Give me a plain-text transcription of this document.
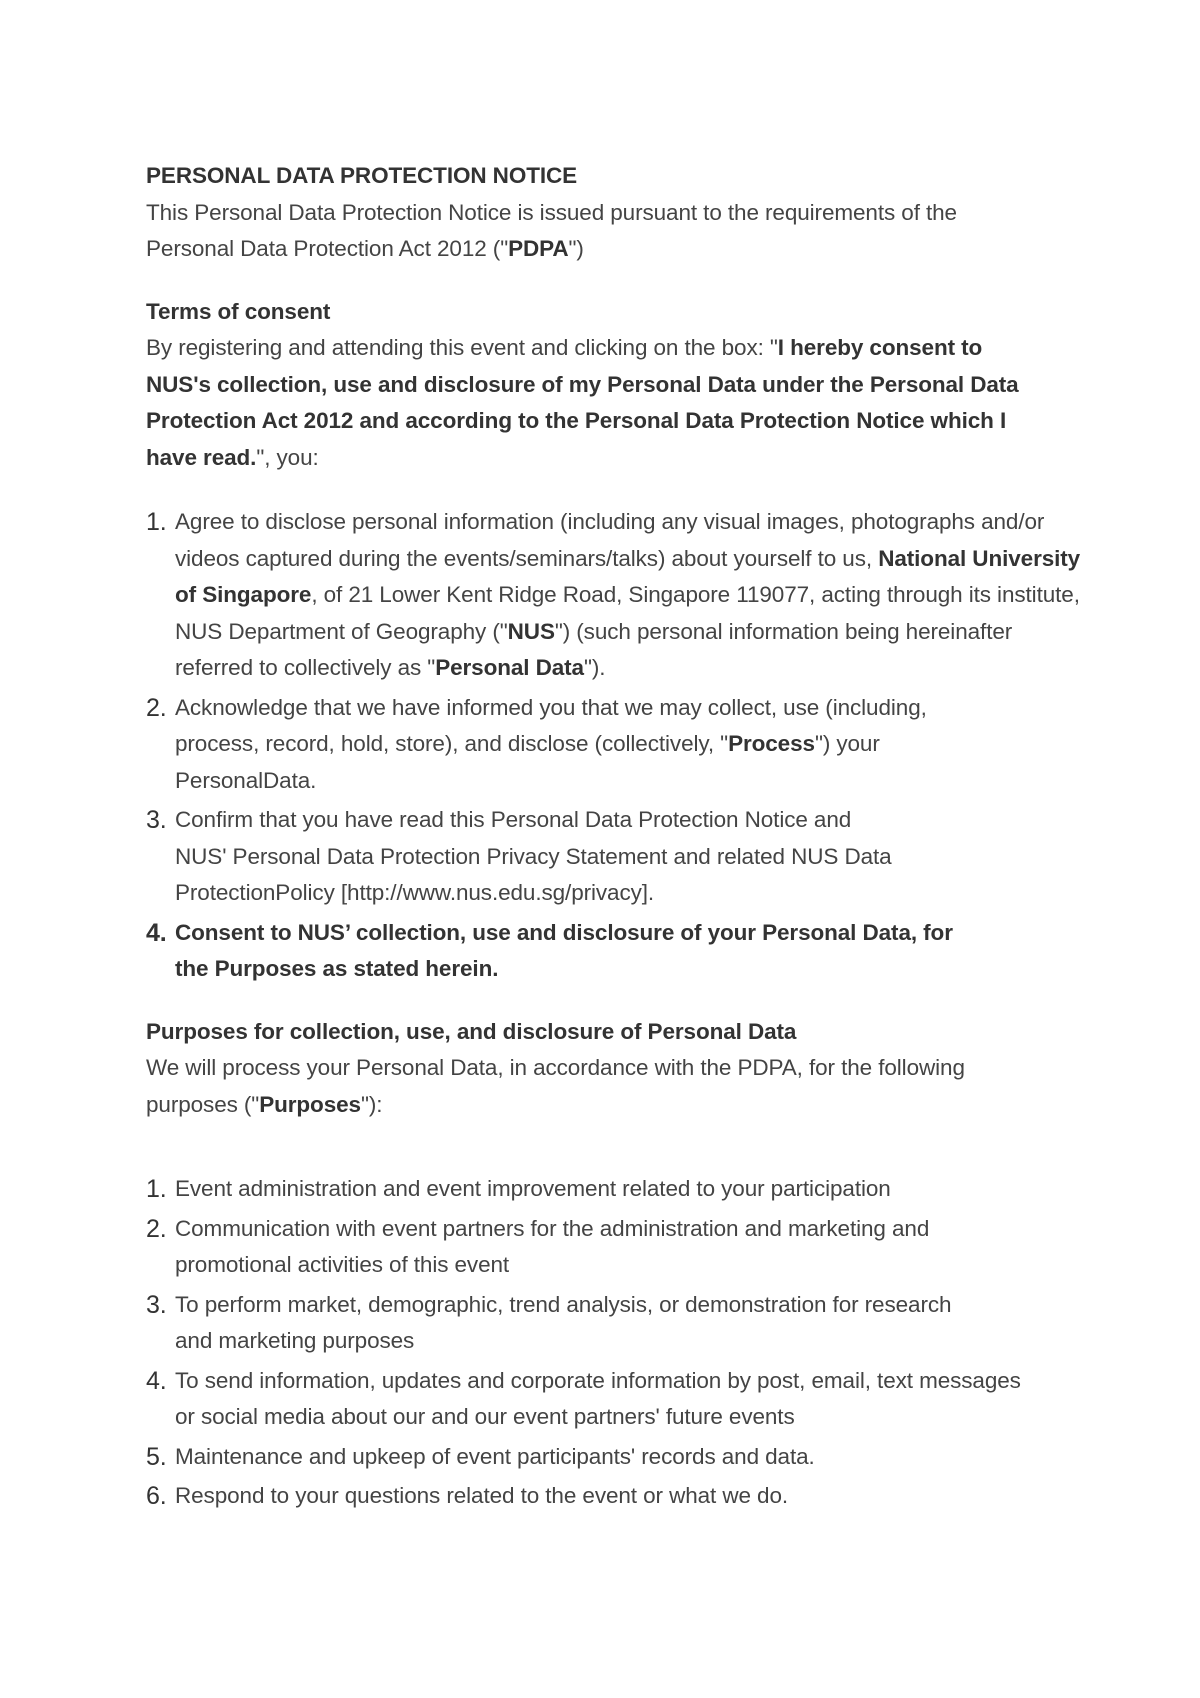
PERSONAL DATA PROTECTION NOTICE

This Personal Data Protection Notice is issued pursuant to the requirements of the Personal Data Protection Act 2012 ("PDPA")

Terms of consent

By registering and attending this event and clicking on the box: "I hereby consent to NUS's collection, use and disclosure of my Personal Data under the Personal Data Protection Act 2012 and according to the Personal Data Protection Notice which I have read.", you:

1. Agree to disclose personal information (including any visual images, photographs and/or videos captured during the events/seminars/talks) about yourself to us, National University of Singapore, of 21 Lower Kent Ridge Road, Singapore 119077, acting through its institute, NUS Department of Geography ("NUS") (such personal information being hereinafter referred to collectively as "Personal Data").
2. Acknowledge that we have informed you that we may collect, use (including, process, record, hold, store), and disclose (collectively, "Process") your PersonalData.
3. Confirm that you have read this Personal Data Protection Notice and NUS' Personal Data Protection Privacy Statement and related NUS Data ProtectionPolicy [http://www.nus.edu.sg/privacy].
4. Consent to NUS’ collection, use and disclosure of your Personal Data, for the Purposes as stated herein.

Purposes for collection, use, and disclosure of Personal Data

We will process your Personal Data, in accordance with the PDPA, for the following purposes ("Purposes"):

1. Event administration and event improvement related to your participation
2. Communication with event partners for the administration and marketing and promotional activities of this event
3. To perform market, demographic, trend analysis, or demonstration for research and marketing purposes
4. To send information, updates and corporate information by post, email, text messages or social media about our and our event partners' future events
5. Maintenance and upkeep of event participants' records and data.
6. Respond to your questions related to the event or what we do.
